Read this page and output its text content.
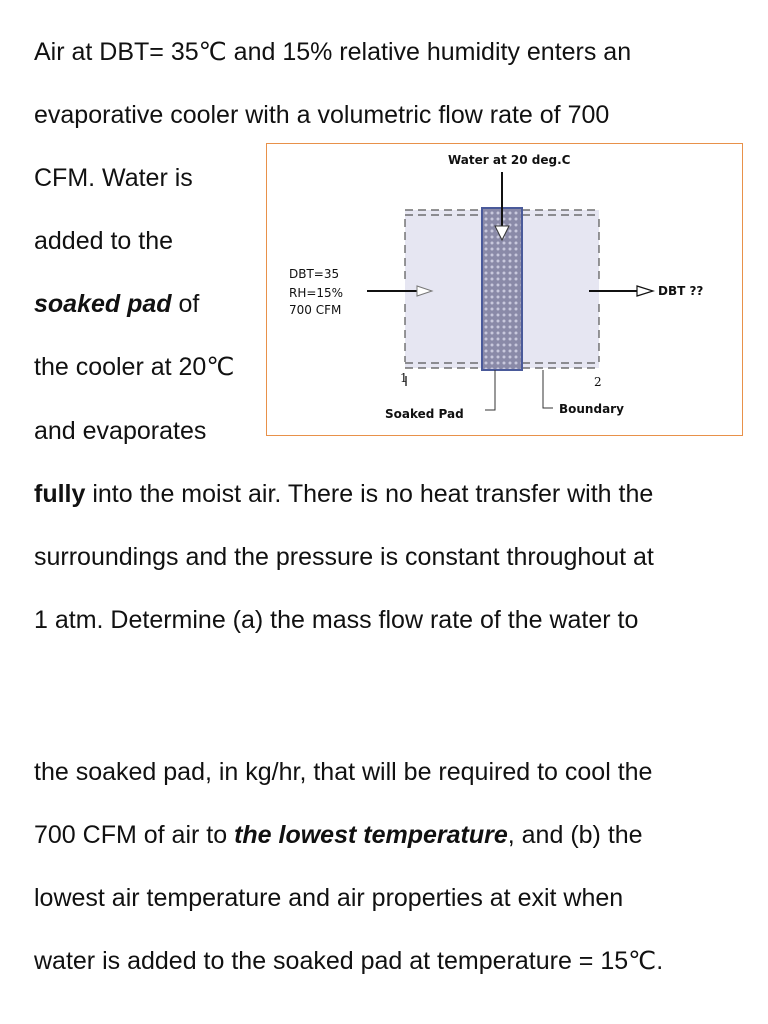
Air at DBT= 35℃ and 15% relative humidity enters an
evaporative cooler with a volumetric flow rate of 700
CFM. Water is
added to the
soaked pad of
the cooler at 20℃
and evaporates
fully into the moist air. There is no heat transfer with the
surroundings and the pressure is constant throughout at
1 atm. Determine (a) the mass flow rate of the water to
the soaked pad, in kg/hr, that will be required to cool the
700 CFM of air to the lowest temperature, and (b) the
lowest air temperature and air properties at exit when
water is added to the soaked pad at temperature = 15℃.
Water at 20 deg.C
DBT=35
RH=15%
700 CFM
DBT ??
1	2
Soaked Pad	Boundary
